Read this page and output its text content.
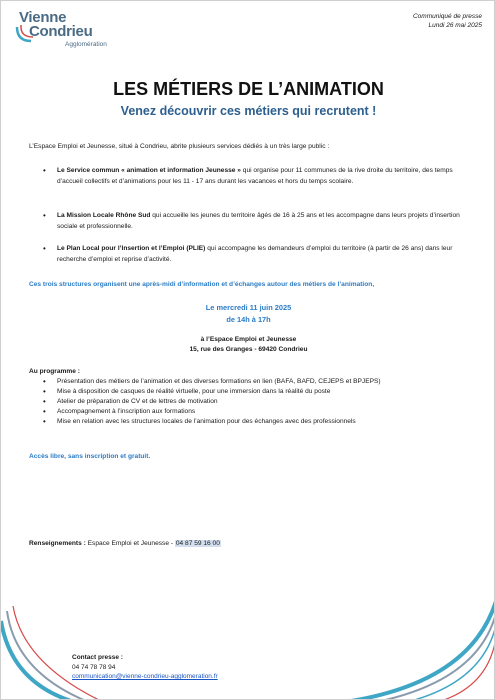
Vienne
Condrieu
Agglomération
Communiqué de presse
Lundi 26 mai 2025
LES MÉTIERS DE L’ANIMATION
Venez découvrir ces métiers qui recrutent !
L’Espace Emploi et Jeunesse, situé à Condrieu, abrite plusieurs services dédiés à un très large public :
• Le Service commun « animation et information Jeunesse » qui organise pour 11 communes de la rive droite du territoire, des temps d’accueil collectifs et d’animations pour les 11 - 17 ans durant les vacances et hors du temps scolaire.
• La Mission Locale Rhône Sud qui accueille les jeunes du territoire âgés de 16 à 25 ans et les accompagne dans leurs projets d’insertion sociale et professionnelle.
• Le Plan Local pour l’Insertion et l’Emploi (PLIE) qui accompagne les demandeurs d’emploi du territoire (à partir de 26 ans) dans leur recherche d’emploi et reprise d’activité.
Ces trois structures organisent une après-midi d’information et d’échanges autour des métiers de l’animation,
Le mercredi 11 juin 2025
de 14h à 17h
à l’Espace Emploi et Jeunesse
15, rue des Granges - 69420 Condrieu
Au programme :
• Présentation des métiers de l’animation et des diverses formations en lien (BAFA, BAFD, CEJEPS et BPJEPS)
• Mise à disposition de casques de réalité virtuelle, pour une immersion dans la réalité du poste
• Atelier de préparation de CV et de lettres de motivation
• Accompagnement à l’inscription aux formations
• Mise en relation avec les structures locales de l’animation pour des échanges avec des professionnels
Accès libre, sans inscription et gratuit.
Renseignements : Espace Emploi et Jeunesse - 04 87 59 16 00
Contact presse :
04 74 78 78 94
communication@vienne-condrieu-agglomeration.fr
